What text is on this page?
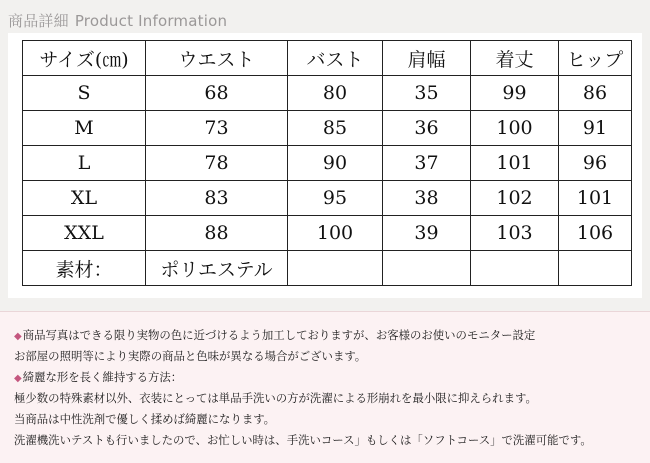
商品詳細 Product Information
サイズ(㎝)	ウエスト	バスト	肩幅	着丈	ヒップ
S	68	80	35	99	86
M	73	85	36	100	91
L	78	90	37	101	96
XL	83	95	38	102	101
XXL	88	100	39	103	106
素材：	ポリエステル				
◆商品写真はできる限り実物の色に近づけるよう加工しておりますが、お客様のお使いのモニター設定
お部屋の照明等により実際の商品と色味が異なる場合がございます。
◆綺麗な形を長く維持する方法：
極少数の特殊素材以外、衣装にとっては単品手洗いの方が洗濯による形崩れを最小限に抑えられます。
当商品は中性洗剤で優しく揉めば綺麗になります。
洗濯機洗いテストも行いましたので、お忙しい時は、手洗いコース」もしくは「ソフトコース」で洗濯可能です。
